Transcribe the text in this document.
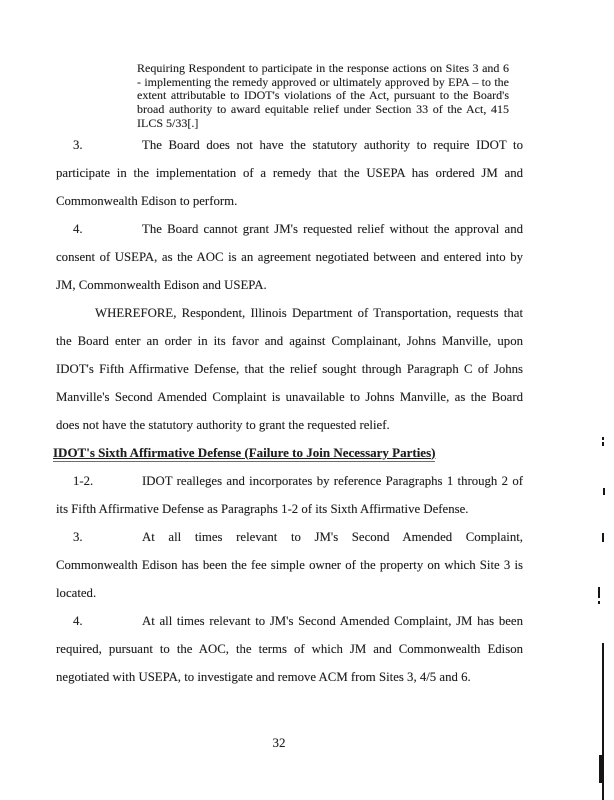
Requiring Respondent to participate in the response actions on Sites 3 and 6 - implementing the remedy approved or ultimately approved by EPA – to the extent attributable to IDOT's violations of the Act, pursuant to the Board's broad authority to award equitable relief under Section 33 of the Act, 415 ILCS 5/33[.]

3.	The Board does not have the statutory authority to require IDOT to participate in the implementation of a remedy that the USEPA has ordered JM and Commonwealth Edison to perform.

4.	The Board cannot grant JM's requested relief without the approval and consent of USEPA, as the AOC is an agreement negotiated between and entered into by JM, Commonwealth Edison and USEPA.

WHEREFORE, Respondent, Illinois Department of Transportation, requests that the Board enter an order in its favor and against Complainant, Johns Manville, upon IDOT's Fifth Affirmative Defense, that the relief sought through Paragraph C of Johns Manville's Second Amended Complaint is unavailable to Johns Manville, as the Board does not have the statutory authority to grant the requested relief.

IDOT's Sixth Affirmative Defense (Failure to Join Necessary Parties)

1-2.	IDOT realleges and incorporates by reference Paragraphs 1 through 2 of its Fifth Affirmative Defense as Paragraphs 1-2 of its Sixth Affirmative Defense.

3.	At all times relevant to JM's Second Amended Complaint, Commonwealth Edison has been the fee simple owner of the property on which Site 3 is located.

4.	At all times relevant to JM's Second Amended Complaint, JM has been required, pursuant to the AOC, the terms of which JM and Commonwealth Edison negotiated with USEPA, to investigate and remove ACM from Sites 3, 4/5 and 6.

32
